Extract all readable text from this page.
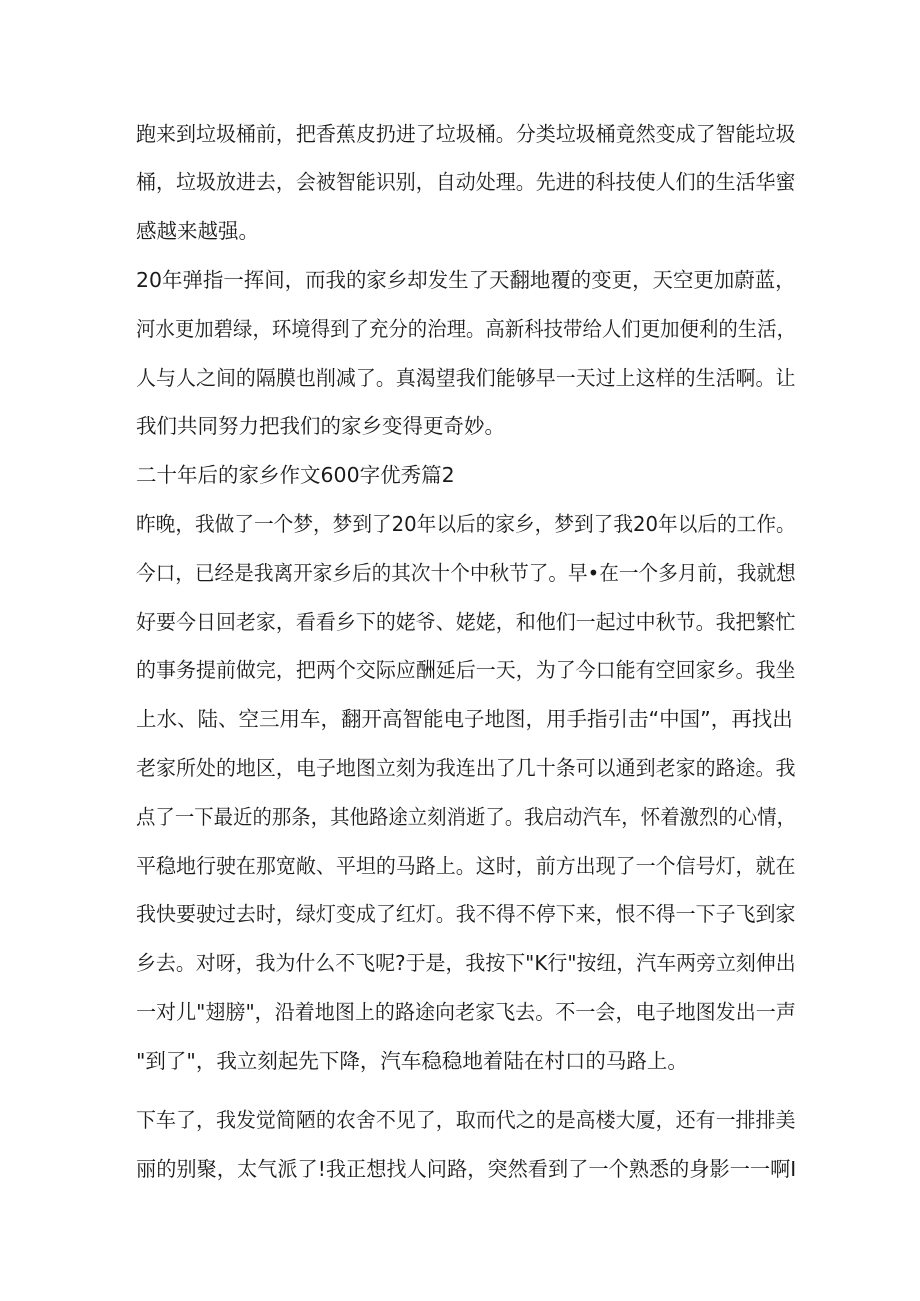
跑来到垃圾桶前，把香蕉皮扔进了垃圾桶。分类垃圾桶竟然变成了智能垃圾
桶，垃圾放进去，会被智能识别，自动处理。先进的科技使人们的生活华蜜
感越来越强。
20年弹指一挥间，而我的家乡却发生了天翻地覆的变更，天空更加蔚蓝，
河水更加碧绿，环境得到了充分的治理。高新科技带给人们更加便利的生活，
人与人之间的隔膜也削减了。真渴望我们能够早一天过上这样的生活啊。让
我们共同努力把我们的家乡变得更奇妙。
二十年后的家乡作文600字优秀篇2
昨晚，我做了一个梦，梦到了20年以后的家乡，梦到了我20年以后的工作。
今口，已经是我离开家乡后的其次十个中秋节了。早•在一个多月前，我就想
好要今日回老家，看看乡下的姥爷、姥姥，和他们一起过中秋节。我把繁忙
的事务提前做完，把两个交际应酬延后一天，为了今口能有空回家乡。我坐
上水、陆、空三用车，翻开高智能电子地图，用手指引击“中国”，再找出
老家所处的地区，电子地图立刻为我连出了几十条可以通到老家的路途。我
点了一下最近的那条，其他路途立刻消逝了。我启动汽车，怀着激烈的心情，
平稳地行驶在那宽敞、平坦的马路上。这时，前方出现了一个信号灯，就在
我快要驶过去时，绿灯变成了红灯。我不得不停下来，恨不得一下子飞到家
乡去。对呀，我为什么不飞呢?于是，我按下"K行"按纽，汽车两旁立刻伸出
一对儿"翅膀"，沿着地图上的路途向老家飞去。不一会，电子地图发出一声
"到了"，我立刻起先下降，汽车稳稳地着陆在村口的马路上。
下车了，我发觉简陋的农舍不见了，取而代之的是高楼大厦，还有一排排美
丽的别聚，太气派了!我正想找人问路，突然看到了一个熟悉的身影一一啊I
